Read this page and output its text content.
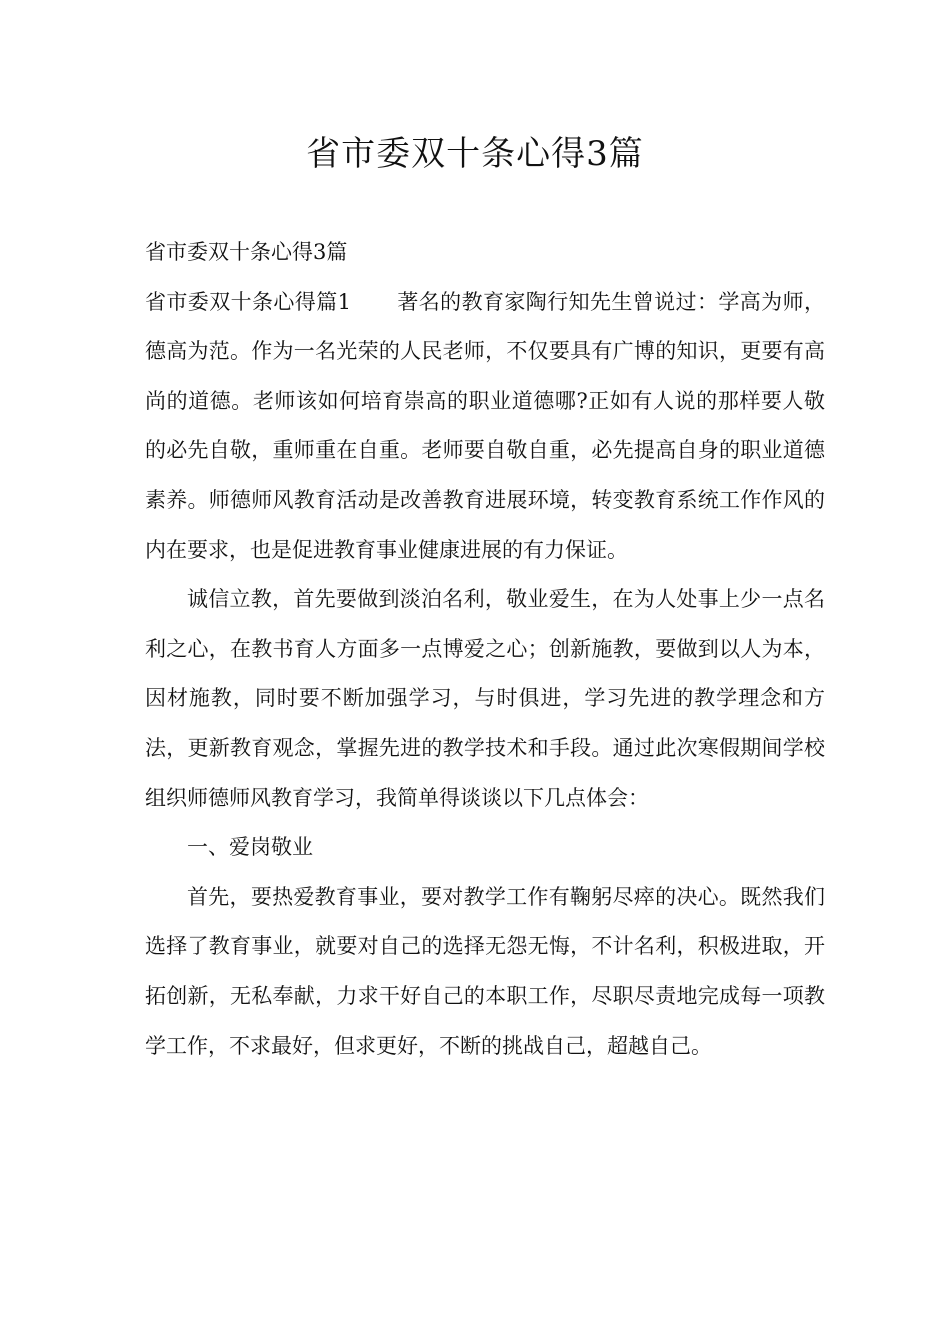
省市委双十条心得3篇

省市委双十条心得3篇

省市委双十条心得篇1 著名的教育家陶行知先生曾说过：学高为师，德高为范。作为一名光荣的人民老师，不仅要具有广博的知识，更要有高尚的道德。老师该如何培育崇高的职业道德哪?正如有人说的那样要人敬的必先自敬，重师重在自重。老师要自敬自重，必先提高自身的职业道德素养。师德师风教育活动是改善教育进展环境，转变教育系统工作作风的内在要求，也是促进教育事业健康进展的有力保证。

诚信立教，首先要做到淡泊名利，敬业爱生，在为人处事上少一点名利之心，在教书育人方面多一点博爱之心；创新施教，要做到以人为本，因材施教，同时要不断加强学习，与时俱进，学习先进的教学理念和方法，更新教育观念，掌握先进的教学技术和手段。通过此次寒假期间学校组织师德师风教育学习，我简单得谈谈以下几点体会：

一、爱岗敬业

首先，要热爱教育事业，要对教学工作有鞠躬尽瘁的决心。既然我们选择了教育事业，就要对自己的选择无怨无悔，不计名利，积极进取，开拓创新，无私奉献，力求干好自己的本职工作，尽职尽责地完成每一项教学工作，不求最好，但求更好，不断的挑战自己，超越自己。
